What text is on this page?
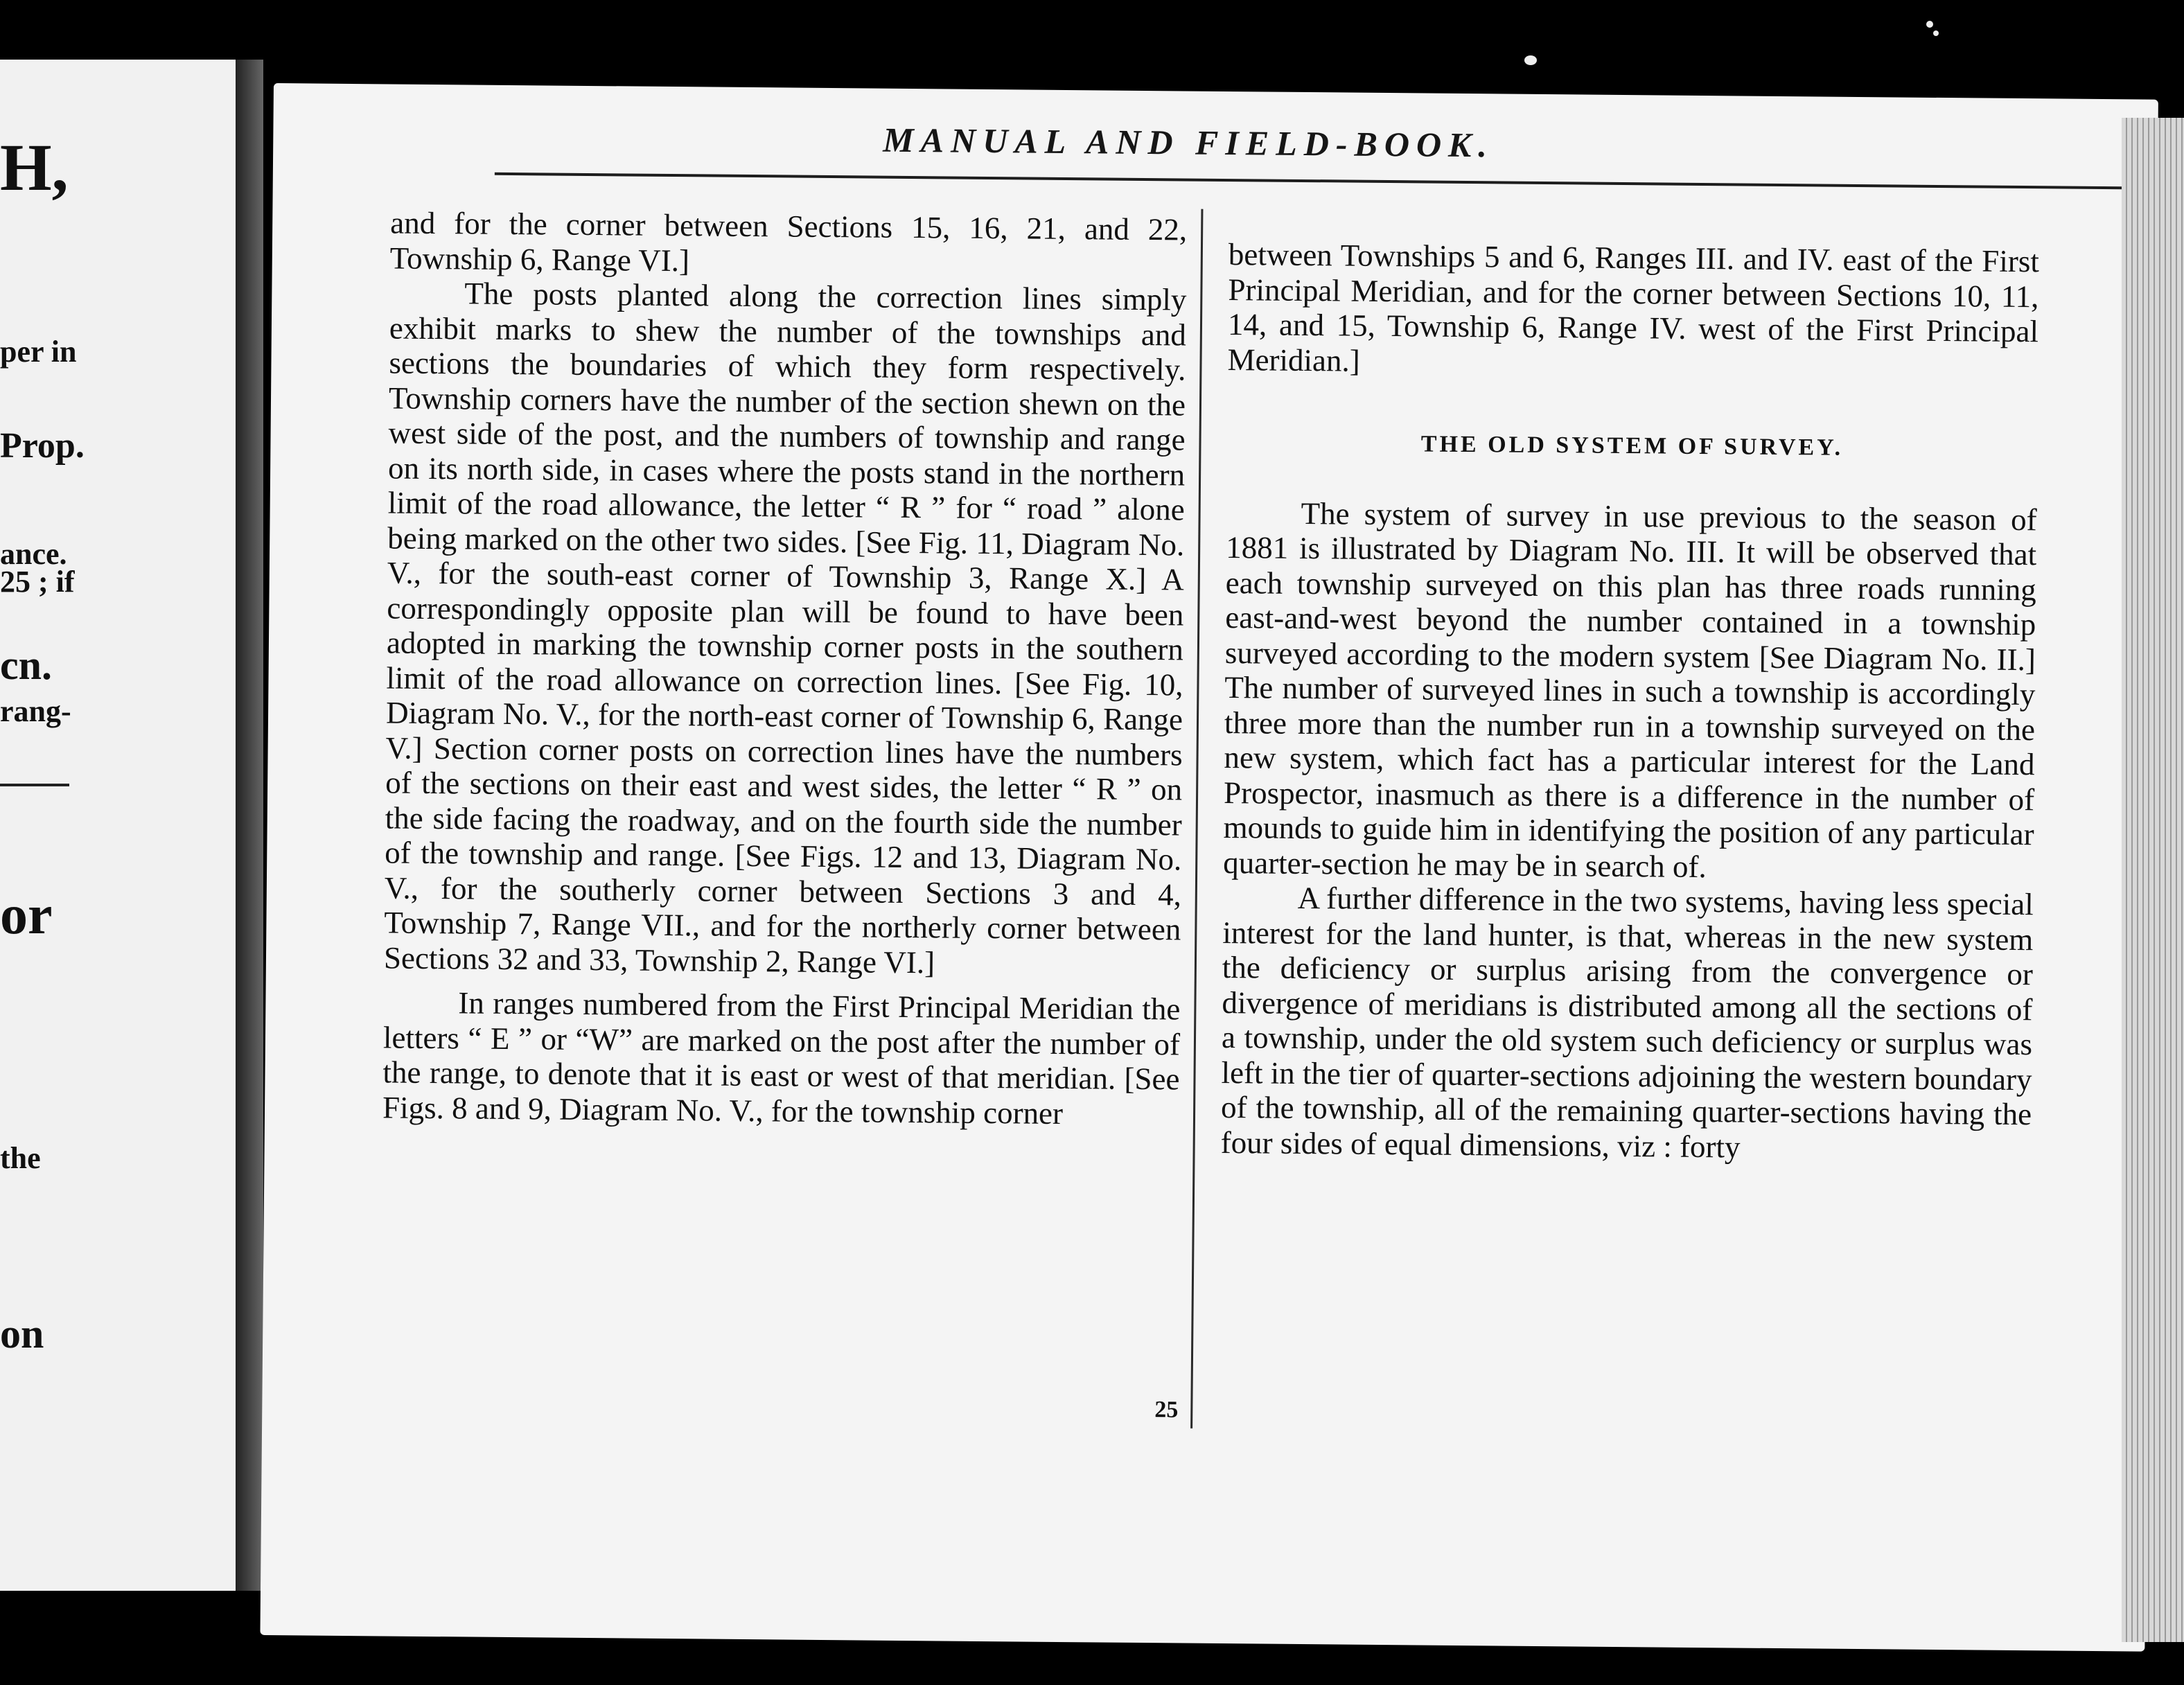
H,
per in
Prop.
ance.
25 ; if
cn.
rang-
or
the
on
MANUAL AND FIELD-BOOK.

and for the corner between Sections 15, 16, 21, and 22, Township 6, Range VI.]

The posts planted along the correction lines simply exhibit marks to shew the number of the townships and sections the boundaries of which they form respectively. Township corners have the number of the section shewn on the west side of the post, and the numbers of township and range on its north side, in cases where the posts stand in the northern limit of the road allowance, the letter “ R ” for “ road ” alone being marked on the other two sides. [See Fig. 11, Diagram No. V., for the south-east corner of Township 3, Range X.] A correspondingly opposite plan will be found to have been adopted in marking the township corner posts in the southern limit of the road allowance on correction lines. [See Fig. 10, Diagram No. V., for the north-east corner of Township 6, Range V.] Section corner posts on correction lines have the numbers of the sections on their east and west sides, the letter “ R ” on the side facing the roadway, and on the fourth side the number of the township and range. [See Figs. 12 and 13, Diagram No. V., for the southerly corner between Sections 3 and 4, Township 7, Range VII., and for the northerly corner between Sections 32 and 33, Township 2, Range VI.]

In ranges numbered from the First Principal Meridian the letters “ E ” or “W” are marked on the post after the number of the range, to denote that it is east or west of that meridian. [See Figs. 8 and 9, Diagram No. V., for the township corner

between Townships 5 and 6, Ranges III. and IV. east of the First Principal Meridian, and for the corner between Sections 10, 11, 14, and 15, Township 6, Range IV. west of the First Principal Meridian.]

THE OLD SYSTEM OF SURVEY.

The system of survey in use previous to the season of 1881 is illustrated by Diagram No. III. It will be observed that each township surveyed on this plan has three roads running east-and-west beyond the number contained in a township surveyed according to the modern system [See Diagram No. II.] The number of surveyed lines in such a township is accordingly three more than the number run in a township surveyed on the new system, which fact has a particular interest for the Land Prospector, inasmuch as there is a difference in the number of mounds to guide him in identifying the position of any particular quarter-section he may be in search of.

A further difference in the two systems, having less special interest for the land hunter, is that, whereas in the new system the deficiency or surplus arising from the convergence or divergence of meridians is distributed among all the sections of a township, under the old system such deficiency or surplus was left in the tier of quarter-sections adjoining the western boundary of the township, all of the remaining quarter-sections having the four sides of equal dimensions, viz : forty

25
